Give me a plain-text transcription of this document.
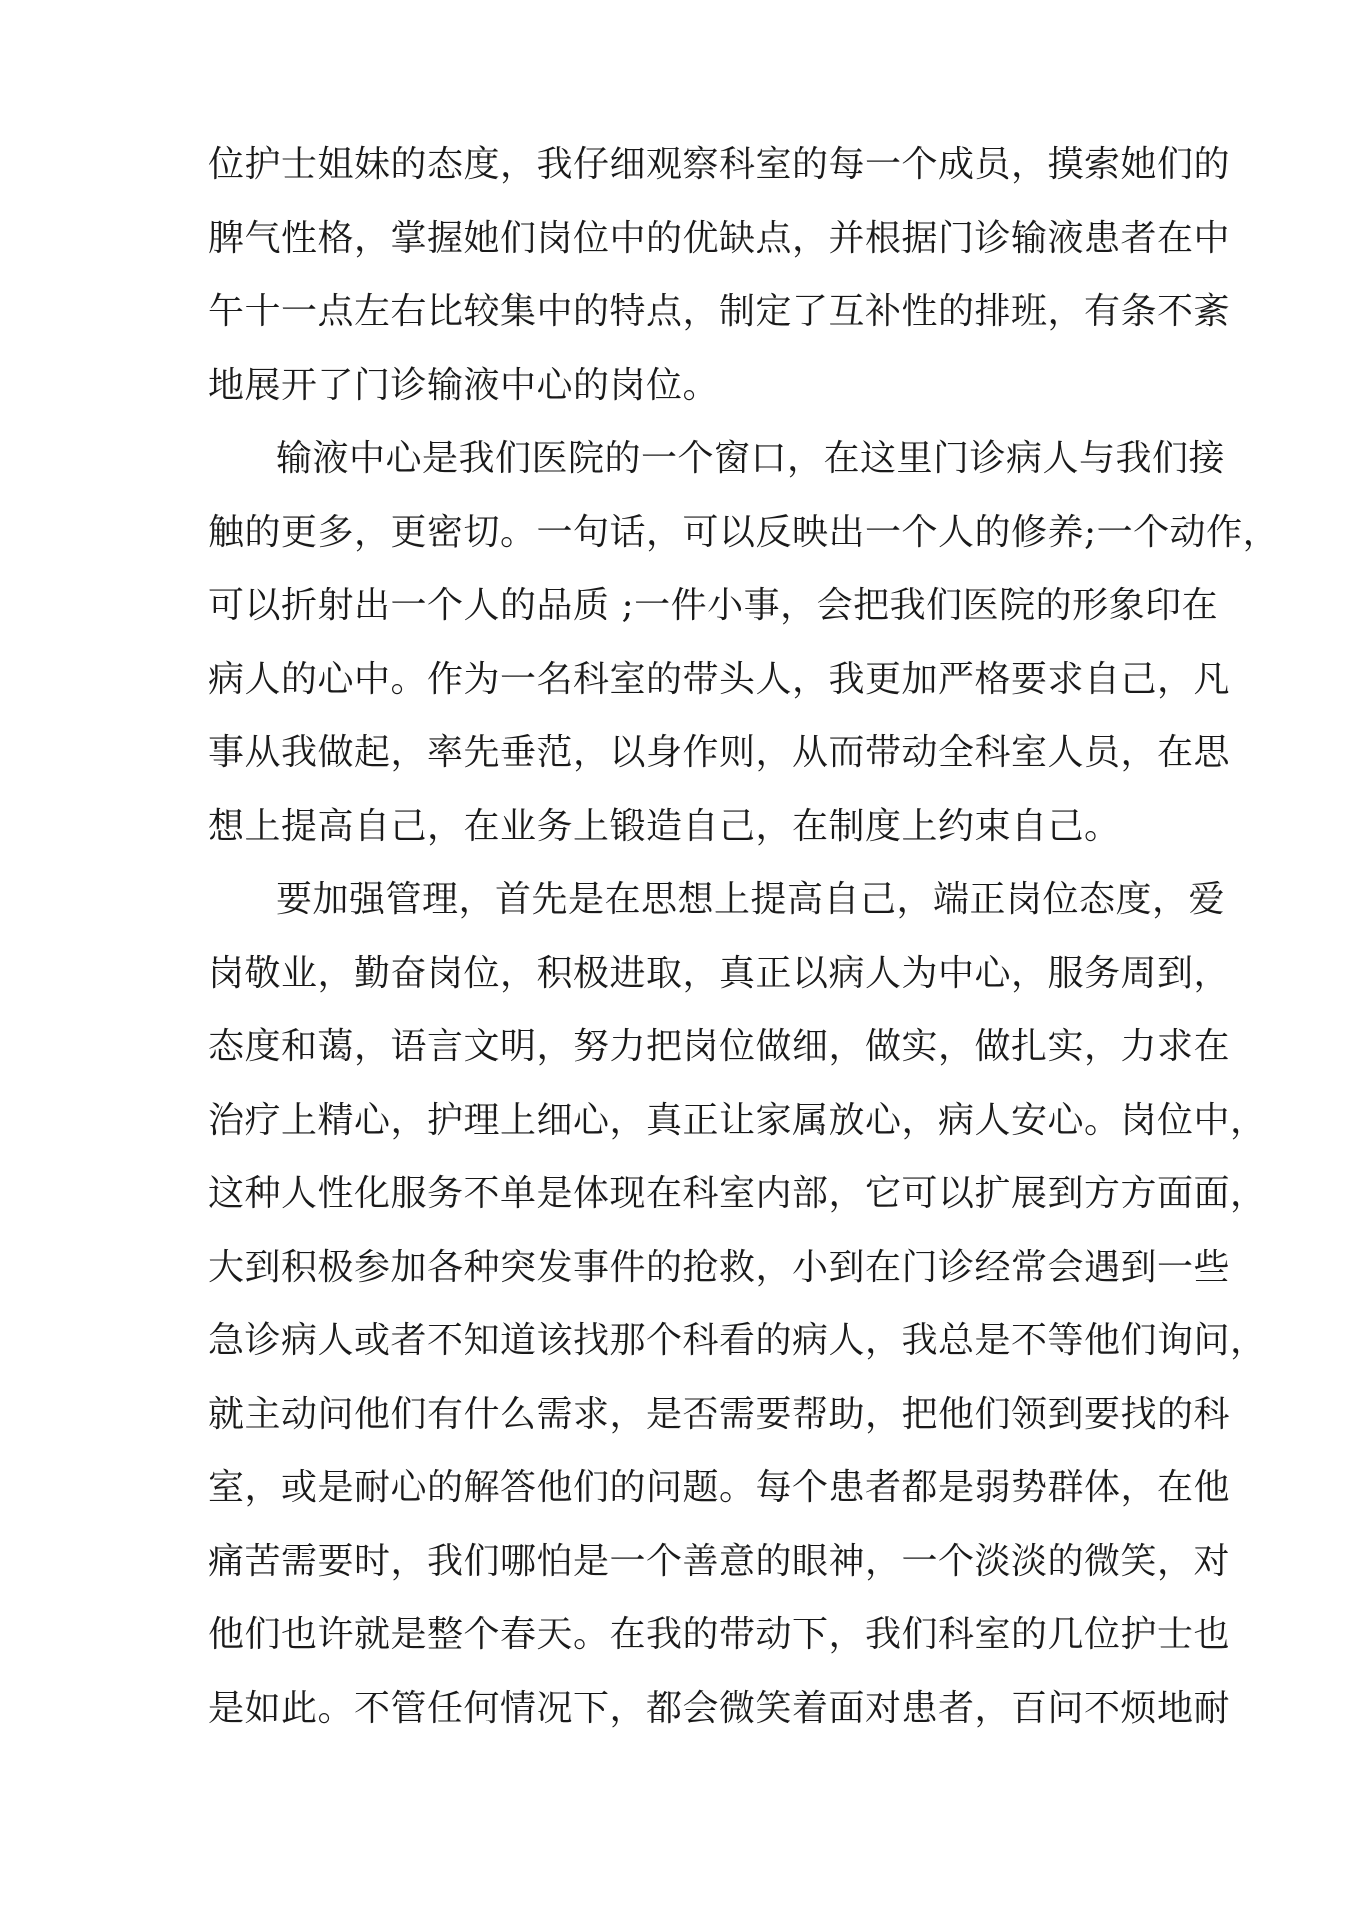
位护士姐妹的态度，我仔细观察科室的每一个成员，摸索她们的
脾气性格，掌握她们岗位中的优缺点，并根据门诊输液患者在中
午十一点左右比较集中的特点，制定了互补性的排班，有条不紊
地展开了门诊输液中心的岗位。
输液中心是我们医院的一个窗口，在这里门诊病人与我们接
触的更多，更密切。一句话，可以反映出一个人的修养;一个动作，
可以折射出一个人的品质 ;一件小事，会把我们医院的形象印在
病人的心中。作为一名科室的带头人，我更加严格要求自己，凡
事从我做起，率先垂范，以身作则，从而带动全科室人员，在思
想上提高自己，在业务上锻造自己，在制度上约束自己。
要加强管理，首先是在思想上提高自己，端正岗位态度，爱
岗敬业，勤奋岗位，积极进取，真正以病人为中心，服务周到，
态度和蔼，语言文明，努力把岗位做细，做实，做扎实，力求在
治疗上精心，护理上细心，真正让家属放心，病人安心。岗位中，
这种人性化服务不单是体现在科室内部，它可以扩展到方方面面，
大到积极参加各种突发事件的抢救，小到在门诊经常会遇到一些
急诊病人或者不知道该找那个科看的病人，我总是不等他们询问，
就主动问他们有什么需求，是否需要帮助，把他们领到要找的科
室，或是耐心的解答他们的问题。每个患者都是弱势群体，在他
痛苦需要时，我们哪怕是一个善意的眼神，一个淡淡的微笑，对
他们也许就是整个春天。在我的带动下，我们科室的几位护士也
是如此。不管任何情况下，都会微笑着面对患者，百问不烦地耐
